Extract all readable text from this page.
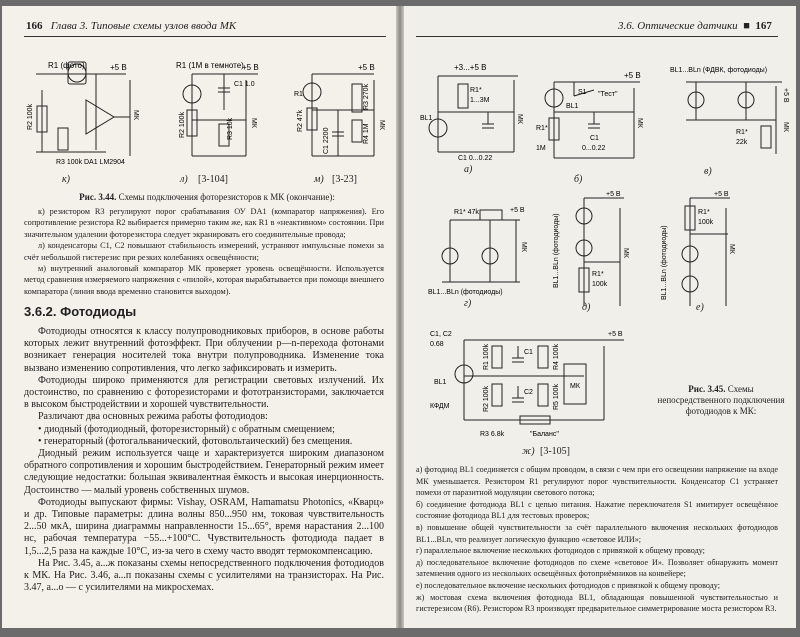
166 Глава 3. Типовые схемы узлов ввода МК
R1 (фото)	+5 В
МК
R2 100k
R3 100k DA1 LM2904
R1 (1М в темноте)
+5 В
R2 100k
C1 1.0
R3 10k МК
+5 В
R1
R2 47k
C1 2200
R3 270k
R4 1М МК
к)	л) [3-104]	м) [3-23]
Рис. 3.44. Схемы подключения фоторезисторов к МК (окончание):

к) резистором R3 регулируют порог срабатывания ОУ DA1 (компаратор напряжения). Его сопротивление резистора R2 выбирается примерно таким же, как R1 в «неактивном» состоянии. При значительном удалении фоторезистора следует экранировать его соединительные провода;

л) конденсаторы C1, C2 повышают стабильность измерений, устраняют импульсные помехи за счёт небольшой гистерезис при резких колебаниях освещённости;

м) внутренний аналоговый компаратор МК проверяет уровень освещённости. Используется метод сравнения измеряемого напряжения с «пилой», которая вырабатывается при помощи внешнего компаратора (линия ввода временно становится выходом).

3.6.2. Фотодиоды

Фотодиоды относятся к классу полупроводниковых приборов, в основе работы которых лежит внутренний фотоэффект. При облучении p—n-перехода фотонами возникает генерация носителей тока внутри полупроводника. Изменение тока вызвано изменению сопротивления, что легко зафиксировать и измерить.

Фотодиоды широко применяются для регистрации световых излучений. Их достоинство, по сравнению с фоторезисторами и фототранзисторами, заключается в высоком быстродействии и хорошей чувствительности.

Различают два основных режима работы фотодиодов:

• диодный (фотодиодный, фоторезисторный) с обратным смещением;

• генераторный (фотогальванический, фотовольтаический) без смещения.

Диодный режим используется чаще и характеризуется широким диапазоном обратного сопротивления и хорошим быстродействием. Генераторный режим имеет следующие недостатки: большая эквивалентная ёмкость и высокая инерционность. Достоинство — малый уровень собственных шумов.

Фотодиоды выпускают фирмы: Vishay, OSRAM, Hamamatsu Photonics, «Кварц» и др. Типовые параметры: длина волны 850...950 нм, токовая чувствительность 2...50 мкА, ширина диаграммы направленности 15...65°, время нарастания 2...100 нс, рабочая температура −55...+100°С. Чувствительность фотодиода падает в 1,5...2,5 раза на каждые 10°С, из-за чего в схему часто вводят термокомпенсацию.

На Рис. 3.45, а...ж показаны схемы непосредственного подключения фотодиодов к МК. На Рис. 3.46, а...п показаны схемы с усилителями на транзисторах. На Рис. 3.47, а...о — с усилителями на микросхемах.

3.6. Оптические датчики  ■  167
+3...+5 В
BL1
R1*
1...3М
МК
C1 0...0.22
+5 В
BL1
S1 "Тест"
R1*
1М
C1
0...0.22
МК
BL1...BLn (ФДВК, фотодиоды)
+5 В
R1*
22k
МК
а)
б)
в)
R1* 47k	+5 В
МК
BL1...BLn (фотодиоды)
+5 В
BL1...BLn (фотодиоды)	R1*
100k
МК
+5 В
R1*
100k
BL1...BLn (фотодиоды)	МК
г)	д)	е)
C1, C2
0.68	R1 100k
R2 100k
C1
C2
R4 100k
R5 100k МК
+5 В
BL1
КФДМ
R3 6.8k	"Баланс"
ж) [3-105]
Рис. 3.45. Схемы непосредственного подключения фотодиодов к МК:

а) фотодиод BL1 соединяется с общим проводом, в связи с чем при его освещении напряжение на входе МК уменьшается. Резистором R1 регулируют порог чувствительности. Конденсатор C1 устраняет помехи от паразитной модуляции светового потока;

б) соединение фотодиода BL1 с цепью питания. Нажатие переключателя S1 имитирует освещённое состояние фотодиода BL1 для тестовых проверок;

в) повышение общей чувствительности за счёт параллельного включения нескольких фотодиодов BL1...BLn, что реализует логическую функцию «световое ИЛИ»;

г) параллельное включение нескольких фотодиодов с привязкой к общему проводу;

д) последовательное включение фотодиодов по схеме «световое И». Позволяет обнаружить момент затемнения одного из нескольких освещённых фотоприёмников на конвейере;

е) последовательное включение нескольких фотодиодов с привязкой к общему проводу;

ж) мостовая схема включения фотодиода BL1, обладающая повышенной чувствительностью и гистерезисом (R6). Резистором R3 производят предварительное симметрирование моста резистором R3.
